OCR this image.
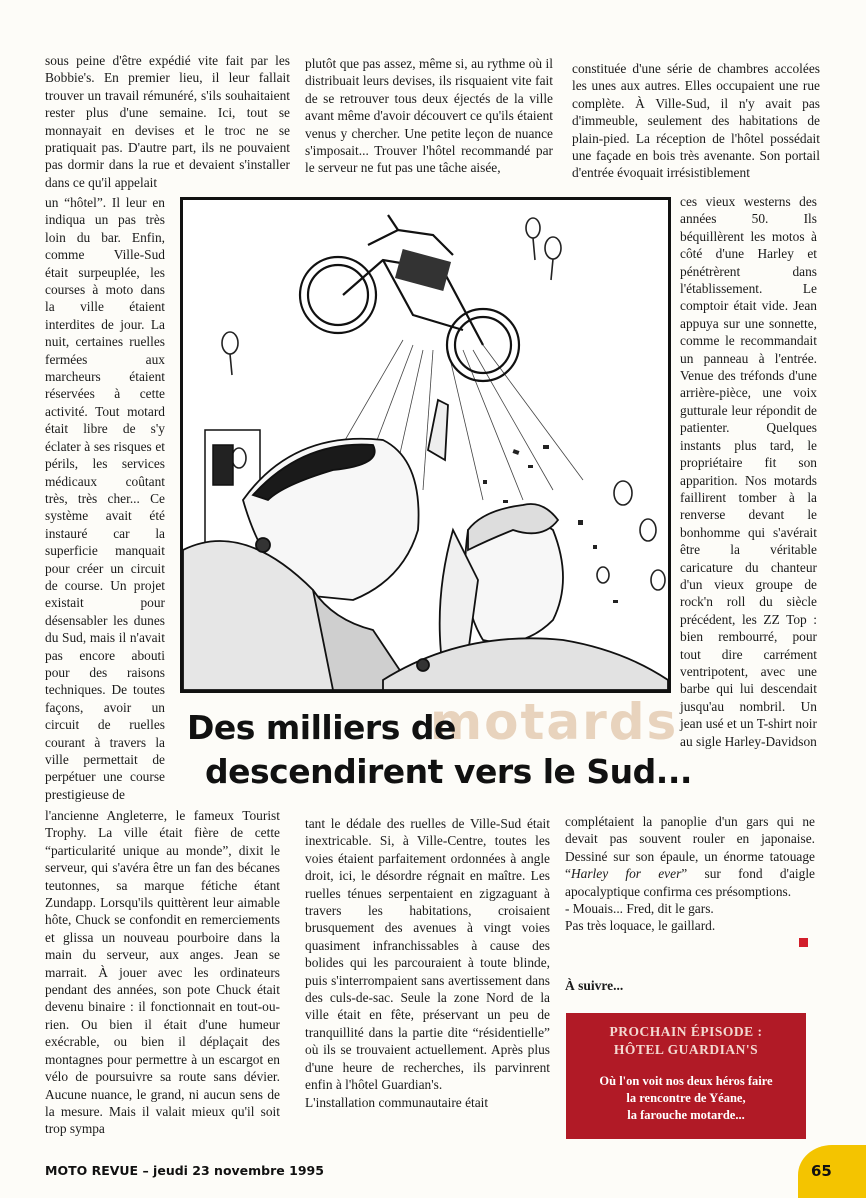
sous peine d'être expédié vite fait par les Bobbie's. En premier lieu, il leur fallait trouver un travail rémunéré, s'ils souhaitaient rester plus d'une semaine. Ici, tout se monnayait en devises et le troc ne se pratiquait pas. D'autre part, ils ne pouvaient pas dormir dans la rue et devaient s'installer dans ce qu'il appelait

plutôt que pas assez, même si, au rythme où il distribuait leurs devises, ils risquaient vite fait de se retrouver tous deux éjectés de la ville avant même d'avoir découvert ce qu'ils étaient venus y chercher. Une petite leçon de nuance s'imposait... Trouver l'hôtel recommandé par le serveur ne fut pas une tâche aisée,

constituée d'une série de chambres accolées les unes aux autres. Elles occupaient une rue complète. À Ville-Sud, il n'y avait pas d'immeuble, seulement des habitations de plain-pied. La réception de l'hôtel possédait une façade en bois très avenante. Son portail d'entrée évoquait irrésistiblement

un “hôtel”. Il leur en indiqua un pas très loin du bar. Enfin, comme Ville-Sud était surpeuplée, les courses à moto dans la ville étaient interdites de jour. La nuit, certaines ruelles fermées aux marcheurs étaient réservées à cette activité. Tout motard était libre de s'y éclater à ses risques et périls, les services médicaux coûtant très, très cher... Ce système avait été instauré car la superficie manquait pour créer un circuit de course. Un projet existait pour désensabler les dunes du Sud, mais il n'avait pas encore abouti pour des raisons techniques. De toutes façons, avoir un circuit de ruelles courant à travers la ville permettait de perpétuer une course prestigieuse de

ces vieux westerns des années 50. Ils béquillèrent les motos à côté d'une Harley et pénétrèrent dans l'établissement. Le comptoir était vide. Jean appuya sur une sonnette, comme le recommandait un panneau à l'entrée. Venue des tréfonds d'une arrière-pièce, une voix gutturale leur répondit de patienter. Quelques instants plus tard, le propriétaire fit son apparition. Nos motards faillirent tomber à la renverse devant le bonhomme qui s'avérait être la véritable caricature du chanteur d'un vieux groupe de rock'n roll du siècle précédent, les ZZ Top : bien rembourré, pour tout dire carrément ventripotent, avec une barbe qui lui descendait jusqu'au nombril. Un jean usé et un T-shirt noir au sigle Harley-Davidson

motards
Des milliers de
descendirent vers le Sud...

l'ancienne Angleterre, le fameux Tourist Trophy. La ville était fière de cette “particularité unique au monde”, dixit le serveur, qui s'avéra être un fan des bécanes teutonnes, sa marque fétiche étant Zundapp. Lorsqu'ils quittèrent leur aimable hôte, Chuck se confondit en remerciements et glissa un nouveau pourboire dans la main du serveur, aux anges. Jean se marrait. À jouer avec les ordinateurs pendant des années, son pote Chuck était devenu binaire : il fonctionnait en tout-ou-rien. Ou bien il était d'une humeur exécrable, ou bien il déplaçait des montagnes pour permettre à un escargot en vélo de poursuivre sa route sans dévier. Aucune nuance, le grand, ni aucun sens de la mesure. Mais il valait mieux qu'il soit trop sympa

tant le dédale des ruelles de Ville-Sud était inextricable. Si, à Ville-Centre, toutes les voies étaient parfaitement ordonnées à angle droit, ici, le désordre régnait en maître. Les ruelles ténues serpentaient en zigzaguant à travers les habitations, croisaient brusquement des avenues à vingt voies quasiment infranchissables à cause des bolides qui les parcouraient à toute blinde, puis s'interrompaient sans avertissement dans des culs-de-sac. Seule la zone Nord de la ville était en fête, préservant un peu de tranquillité dans la partie dite “résidentielle” où ils se trouvaient actuellement. Après plus d'une heure de recherches, ils parvinrent enfin à l'hôtel Guardian's.

L'installation communautaire était

complétaient la panoplie d'un gars qui ne devait pas souvent rouler en japonaise. Dessiné sur son épaule, un énorme tatouage “Harley for ever” sur fond d'aigle apocalyptique confirma ces présomptions.

- Mouais... Fred, dit le gars.

Pas très loquace, le gaillard.

À suivre...
PROCHAIN ÉPISODE :
HÔTEL GUARDIAN'S
Où l'on voit nos deux héros faire
la rencontre de Yéane,
la farouche motarde...
MOTO REVUE – jeudi 23 novembre 1995	65
